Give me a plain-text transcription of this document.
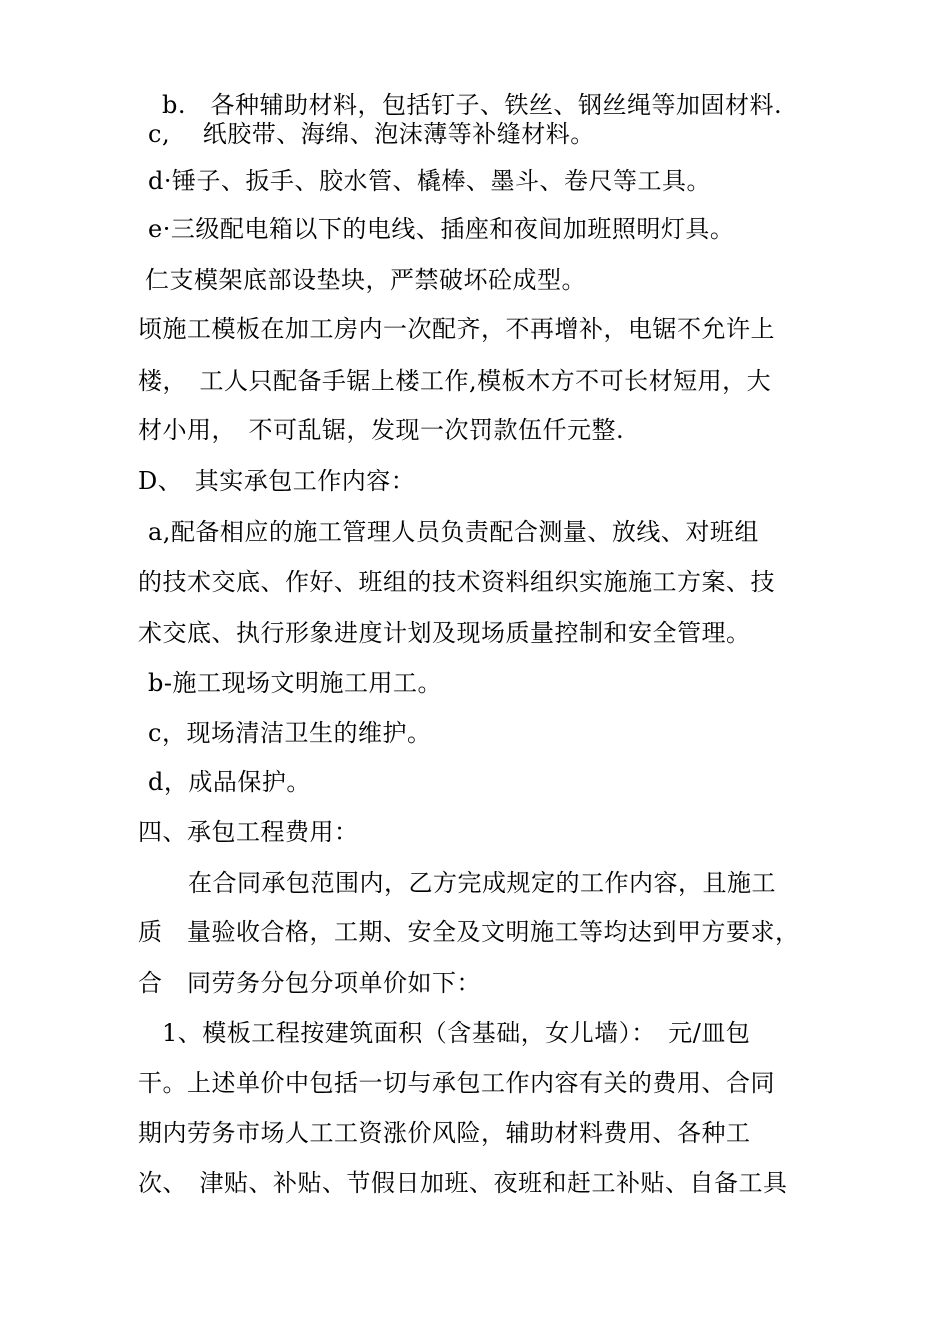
b.　各种辅助材料，包括钉子、铁丝、钢丝绳等加固材料.
c,　 纸胶带、海绵、泡沫薄等补缝材料。
d·锤子、扳手、胶水管、橇棒、墨斗、卷尺等工具。
e·三级配电箱以下的电线、插座和夜间加班照明灯具。
仁支模架底部设垫块，严禁破坏砼成型。
顷施工模板在加工房内一次配齐，不再增补，电锯不允许上
楼，　工人只配备手锯上楼工作,模板木方不可长材短用，大
材小用，　不可乱锯，发现一次罚款伍仟元整.
D、　其实承包工作内容：
a,配备相应的施工管理人员负责配合测量、放线、对班组
的技术交底、作好、班组的技术资料组织实施施工方案、技
术交底、执行形象进度计划及现场质量控制和安全管理。
b-施工现场文明施工用工。
c，现场清洁卫生的维护。
d，成品保护。
四、承包工程费用：
在合同承包范围内，乙方完成规定的工作内容，且施工
质　量验收合格，工期、安全及文明施工等均达到甲方要求，
合　同劳务分包分项单价如下：
1、模板工程按建筑面积（含基础，女儿墙）：　元/皿包
干。上述单价中包括一切与承包工作内容有关的费用、合同
期内劳务市场人工工资涨价风险，辅助材料费用、各种工
次、　津贴、补贴、节假日加班、夜班和赶工补贴、自备工具
